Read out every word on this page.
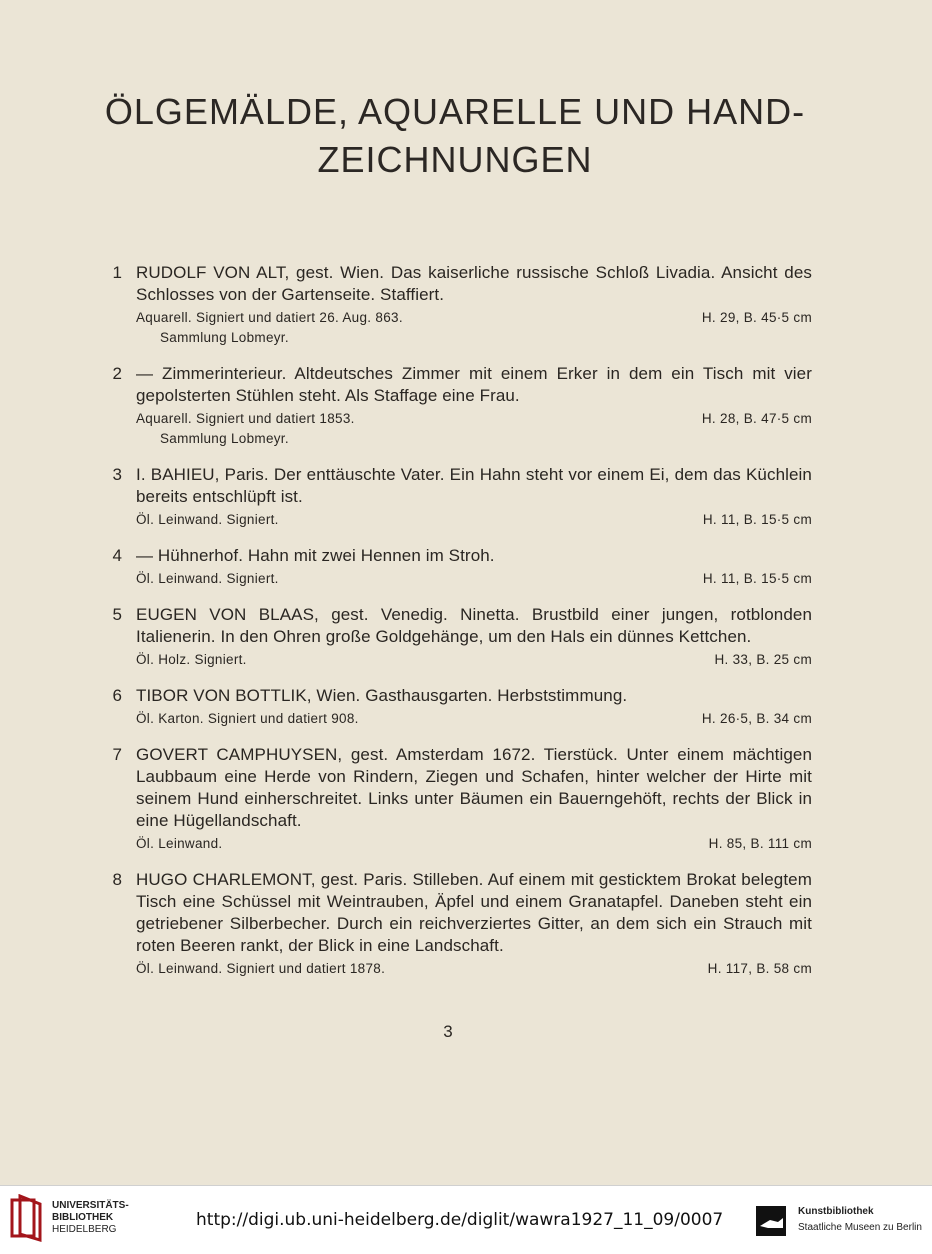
ÖLGEMÄLDE, AQUARELLE UND HAND-
ZEICHNUNGEN
1 RUDOLF VON ALT, gest. Wien. Das kaiserliche russische Schloß Livadia. Ansicht des Schlosses von der Gartenseite. Staffiert.

Aquarell. Signiert und datiert 26. Aug. 863.	H. 29, B. 45·5 cm
Sammlung Lobmeyr.
2 — Zimmerinterieur. Altdeutsches Zimmer mit einem Erker in dem ein Tisch mit vier gepolsterten Stühlen steht. Als Staffage eine Frau.

Aquarell. Signiert und datiert 1853.	H. 28, B. 47·5 cm
Sammlung Lobmeyr.
3 I. BAHIEU, Paris. Der enttäuschte Vater. Ein Hahn steht vor einem Ei, dem das Küchlein bereits entschlüpft ist.

Öl. Leinwand. Signiert.	H. 11, B. 15·5 cm
4 — Hühnerhof. Hahn mit zwei Hennen im Stroh.

Öl. Leinwand. Signiert.	H. 11, B. 15·5 cm
5 EUGEN VON BLAAS, gest. Venedig. Ninetta. Brustbild einer jungen, rotblonden Italienerin. In den Ohren große Goldgehänge, um den Hals ein dünnes Kettchen.

Öl. Holz. Signiert.	H. 33, B. 25 cm
6 TIBOR VON BOTTLIK, Wien. Gasthausgarten. Herbststimmung.

Öl. Karton. Signiert und datiert 908.	H. 26·5, B. 34 cm
7 GOVERT CAMPHUYSEN, gest. Amsterdam 1672. Tierstück. Unter einem mächtigen Laubbaum eine Herde von Rindern, Ziegen und Schafen, hinter welcher der Hirte mit seinem Hund einherschreitet. Links unter Bäumen ein Bauerngehöft, rechts der Blick in eine Hügellandschaft.

Öl. Leinwand.	H. 85, B. 111 cm
8 HUGO CHARLEMONT, gest. Paris. Stilleben. Auf einem mit gesticktem Brokat belegtem Tisch eine Schüssel mit Weintrauben, Äpfel und einem Granatapfel. Daneben steht ein getriebener Silberbecher. Durch ein reichverziertes Gitter, an dem sich ein Strauch mit roten Beeren rankt, der Blick in eine Landschaft.

Öl. Leinwand. Signiert und datiert 1878.	H. 117, B. 58 cm
3
UNIVERSITÄTS-
BIBLIOTHEK
HEIDELBERG	http://digi.ub.uni-heidelberg.de/diglit/wawra1927_11_09/0007	Kunstbibliothek
Staatliche Museen zu Berlin
